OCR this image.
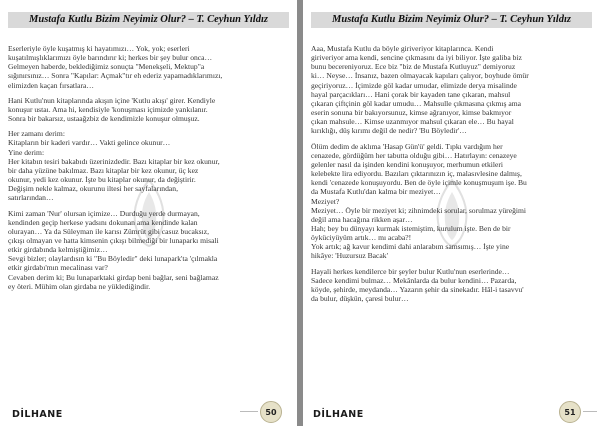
Mustafa Kutlu Bizim Neyimiz Olur? – T. Ceyhun Yıldız
Eserleriyle öyle kuşatmış ki hayatımızı… Yok, yok; eserleri
kuşatılmışlıklarımızı öyle barındırır ki; herkes bir şey bulur onca…
Gelmeyen haberde, beklediğimiz sonuçta "Menekşeli, Mektup"a
sığınırsınız… Sonra "Kapılar: Açmak"tır eh ederiz yapamadıklarımızı,
elimizden kaçan fırsatlara…
Hani Kutlu'nun kitaplarında akışın içine 'Kutlu akışı' girer. Kendiyle
konuşur ustaı. Ama hi, kendisiyle 'konuşması içimizde yankılanır.
Sonra bir bakarsız, ustaağzbiz de kendimizle konuşur olmuşuz.
Her zamanı derim:
Kitapların bir kaderi vardır… Vakti gelince okunur…
Yine derim:
Her kitabın tesiri bakabıdı üzerinizdedir. Bazı kitaplar bir kez okunur,
bir daha yüzüne bakılmaz. Bazı kitaplar bir kez okunur, üç kez
okunur, yedi kez okunur. İşte bu kitaplar okunur, da değiştirir.
Değişim nekle kalmaz, okurunu iltesi her sayfalarından,
satırlarından…
Kimi zaman 'Nur' olursan içimize… Durduğu yerde durmayan,
kendinden geçip herkese yadsını dokunan ama kendinde kalan
olurayan… Ya da Süleyman ile karısı Zümrüt gibi casuz bucaksız,
çıkışı olmayan ve hatta kimsenin çıkışı bilmediği bir lunaparkı misali
etkir girdabında kelmiştiğimiz…
Sevgi bizler; olaylardısın ki "Bu Böyledir" deki lunapark'ta 'çılmakla
etkir girdabı'mın mecalinası var?
Cevaben derim ki; Bu lunaparktaki girdap beni bağlar, seni bağlamaz
ey öteri. Mühim olan girdaba ne yüklediğindir.
DİLHANE	50
Mustafa Kutlu Bizim Neyimiz Olur? – T. Ceyhun Yıldız
Aaa, Mustafa Kutlu da böyle giriveriyor kitaplarınca. Kendi
giriveriyor ama kendi, sencine çıkmasını da iyi biliyor. İşte galiba biz
bunu becereniyoruz. Ece biz "biz de Mustafa Kutluyuz" demiyoruz
ki… Neyse… İnsanız, bazen olmayacak kapıları çalıyor, boyhude ömür
geçiriyoruz… İçimizde göl kadar umudar, elimizde derya misalinde
hayal parçacıkları… Hani çorak bir kayaden tane çıkaran, mahsul
çıkaran çiftçinin göl kadar umudu… Mahsulle çıkmasına çıkmış ama
eserin sonuna bir bakıyorsunuz, kimse ağranıyor, kimse bakmıyor
çıkan mahsule… Kimse uzanmıyor mahsul çıkaran ele… Bu hayal
kırıklığı, düş kırımı değil de nedir? 'Bu Böyledir'…
Ölüm dedim de aklıma 'Hasap Gün'ü' geldi. Tıpkı vardığım her
cenazede, gördüğüm her tabutta olduğu gibi… Hatırlayın: cenazeye
gelenler nasıl da işinden kendini konuşuyor, merhumun etkileri
kelebekte lira ediyordu. Bazıları çıktarınızın iç, malasıvlesine dalmış,
kendi 'cenazede konuşuyordu. Ben de öyle içimle konuşmuşum işe. Bu
da Mustafa Kutlu'dan kalma bir meziyet…
Meziyet?
Meziyet… Öyle bir meziyet ki; zihnimdeki sorular, sorulmaz yüreğimi
değil ama hacağına rikken aşar…
Hah; bey bu dünyayı kurmak istemiştim, kurulum işte. Ben de bir
öyküciyüyüm artık… mı acaba?!
Yok artık; ağ kavur kendimi dahi anlarabım samsımış… İşte yine
hikâye: 'Huzursuz Bacak'
Hayali herkes kendilerce bir şeyler bulur Kutlu'nun eserlerinde…
Sadece kendimi bulmaz… Mekânlarda da bulur kendini… Pazarda,
köyde, şehirde, meydanda… Yazarın şehir da sinekadır. Hâl-i tasavvu'
da bulur, düşkün, çaresi bulur…
DİLHANE	51
